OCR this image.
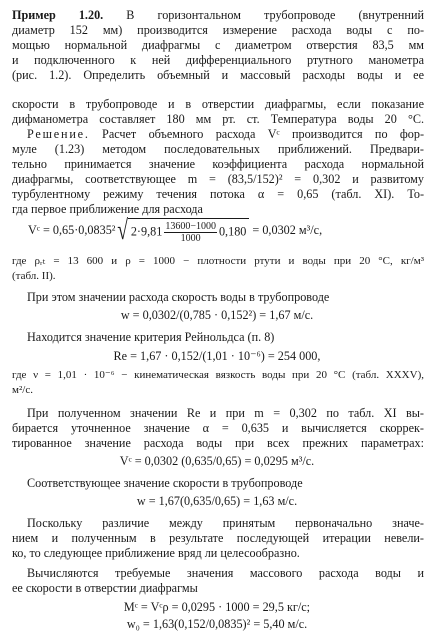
Пример 1.20. В горизонтальном трубопроводе (внутренний
диаметр 152 мм) производится измерение расхода воды с по-
мощью нормальной диафрагмы с диаметром отверстия 83,5 мм
и подключенного к ней дифференциального ртутного манометра
(рис. 1.2). Определить объемный и массовый расходы воды и ее
скорости в трубопроводе и в отверстии диафрагмы, если показание
дифманометра составляет 180 мм рт. ст. Температура воды 20 °С.
Решение. Расчет объемного расхода Vᶜ производится по фор-
муле (1.23) методом последовательных приближений. Предвари-
тельно принимается значение коэффициента расхода нормальной
диафрагмы, соответствующее m = (83,5/152)² = 0,302 и развитому
турбулентному режиму течения потока α = 0,65 (табл. XI). То-
гда первое приближение для расхода
Vᶜ = 0,65·0,0835²√ $2\cdot 9,81 \frac{13600-1000}{1000} 0,180 = 0,0302$ м³/с,
где ρᵣₜ = 13 600 и ρ = 1000 − плотности ртути и воды при 20 °С, кг/м³
(табл. II).
При этом значении расхода скорость воды в трубопроводе
w = 0,0302/(0,785 · 0,152²) = 1,67 м/с.
Находится значение критерия Рейнольдса (п. 8)
Re = 1,67 · 0,152/(1,01 · 10⁻⁶) = 254 000,
где ν = 1,01 · 10⁻⁶ − кинематическая вязкость воды при 20 °С (табл. XXXV),
м²/с.
При полученном значении Re и при m = 0,302 по табл. XI вы-
бирается уточненное значение α = 0,635 и вычисляется скоррек-
тированное значение расхода воды при всех прежних параметрах:
Vᶜ = 0,0302 (0,635/0,65) = 0,0295 м³/с.
Соответствующее значение скорости в трубопроводе
w = 1,67(0,635/0,65) = 1,63 м/с.
Поскольку различие между принятым первоначально значе-
нием и полученным в результате последующей итерации невели-
ко, то следующее приближение вряд ли целесообразно.
Вычисляются требуемые значения массового расхода воды и
ее скорости в отверстии диафрагмы
Mᶜ = Vᶜρ = 0,0295 · 1000 = 29,5 кг/с;
w₀ = 1,63(0,152/0,0835)² = 5,40 м/с.
